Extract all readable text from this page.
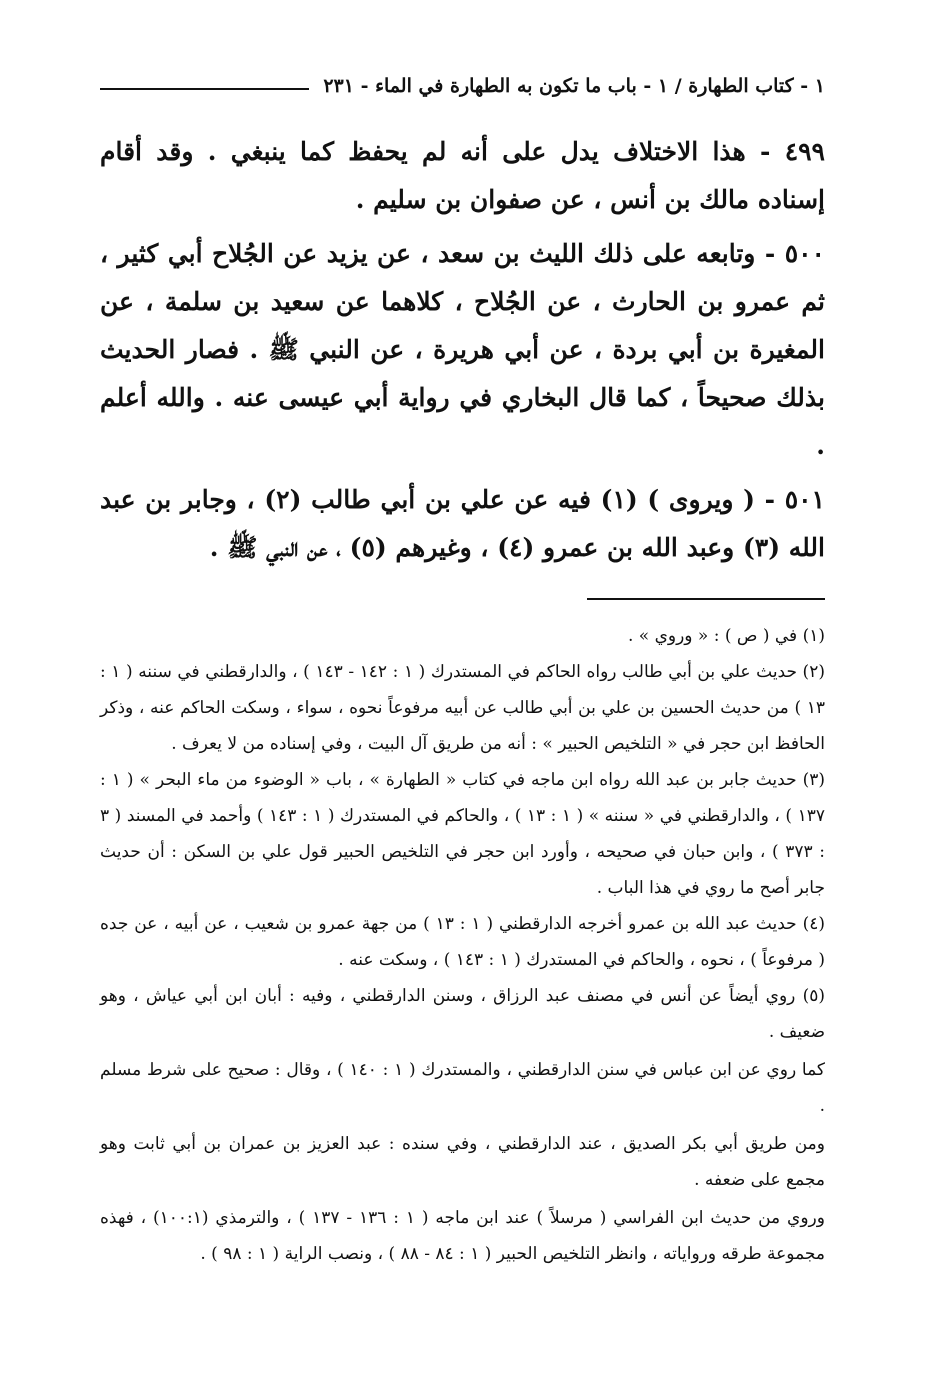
١ - كتاب الطهارة / ١ - باب ما تكون به الطهارة في الماء - ٢٣١

٤٩٩ - هذا الاختلاف يدل على أنه لم يحفظ كما ينبغي . وقد أقام إسناده مالك بن أنس ، عن صفوان بن سليم .

٥٠٠ - وتابعه على ذلك الليث بن سعد ، عن يزيد عن الجُلاح أبي كثير ، ثم عمرو بن الحارث ، عن الجُلاح ، كلاهما عن سعيد بن سلمة ، عن المغيرة بن أبي بردة ، عن أبي هريرة ، عن النبي ﷺ . فصار الحديث بذلك صحيحاً ، كما قال البخاري في رواية أبي عيسى عنه . والله أعلم .

٥٠١ - ( ويروى ) (١) فيه عن علي بن أبي طالب (٢) ، وجابر بن عبد الله (٣) وعبد الله بن عمرو (٤) ، وغيرهم (٥) ، عن النبي ﷺ .

(١) في ( ص ) : « وروي » .

(٢) حديث علي بن أبي طالب رواه الحاكم في المستدرك ( ١ : ١٤٢ - ١٤٣ ) ، والدارقطني في سننه ( ١ : ١٣ ) من حديث الحسين بن علي بن أبي طالب عن أبيه مرفوعاً نحوه ، سواء ، وسكت الحاكم عنه ، وذكر الحافظ ابن حجر في « التلخيص الحبير » : أنه من طريق آل البيت ، وفي إسناده من لا يعرف .

(٣) حديث جابر بن عبد الله رواه ابن ماجه في كتاب « الطهارة » ، باب « الوضوء من ماء البحر » ( ١ : ١٣٧ ) ، والدارقطني في « سننه » ( ١ : ١٣ ) ، والحاكم في المستدرك ( ١ : ١٤٣ ) وأحمد في المسند ( ٣ : ٣٧٣ ) ، وابن حبان في صحيحه ، وأورد ابن حجر في التلخيص الحبير قول علي بن السكن : أن حديث جابر أصح ما روي في هذا الباب .

(٤) حديث عبد الله بن عمرو أخرجه الدارقطني ( ١ : ١٣ ) من جهة عمرو بن شعيب ، عن أبيه ، عن جده ( مرفوعاً ) ، نحوه ، والحاكم في المستدرك ( ١ : ١٤٣ ) ، وسكت عنه .

(٥) روي أيضاً عن أنس في مصنف عبد الرزاق ، وسنن الدارقطني ، وفيه : أبان ابن أبي عياش ، وهو ضعيف .

كما روي عن ابن عباس في سنن الدارقطني ، والمستدرك ( ١ : ١٤٠ ) ، وقال : صحيح على شرط مسلم .

ومن طريق أبي بكر الصديق ، عند الدارقطني ، وفي سنده : عبد العزيز بن عمران بن أبي ثابت وهو مجمع على ضعفه .

وروي من حديث ابن الفراسي ( مرسلاً ) عند ابن ماجه ( ١ : ١٣٦ - ١٣٧ ) ، والترمذي (١٠٠:١) ، فهذه مجموعة طرقه ورواياته ، وانظر التلخيص الحبير ( ١ : ٨٤ - ٨٨ ) ، ونصب الراية ( ١ : ٩٨ ) .
